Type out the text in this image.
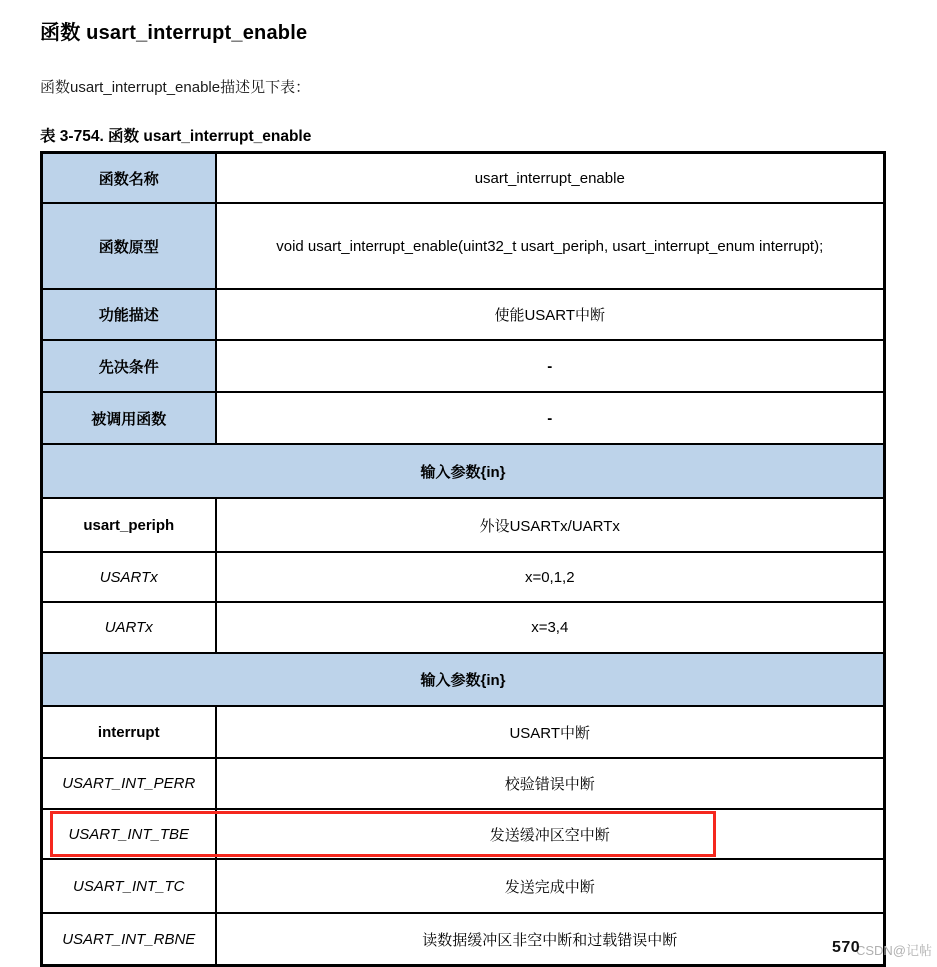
函数 usart_interrupt_enable
函数usart_interrupt_enable描述见下表：
表 3-754. 函数 usart_interrupt_enable
函数名称	usart_interrupt_enable
函数原型	void usart_interrupt_enable(uint32_t usart_periph, usart_interrupt_enum interrupt);
功能描述	使能USART中断
先决条件	-
被调用函数	-
输入参数{in}	
usart_periph	外设USARTx/UARTx
USARTx	x=0,1,2
UARTx	x=3,4
输入参数{in}	
interrupt	USART中断
USART_INT_PERR	校验错误中断
USART_INT_TBE	发送缓冲区空中断
USART_INT_TC	发送完成中断
USART_INT_RBNE	读数据缓冲区非空中断和过载错误中断
CSDN@记帖
570
